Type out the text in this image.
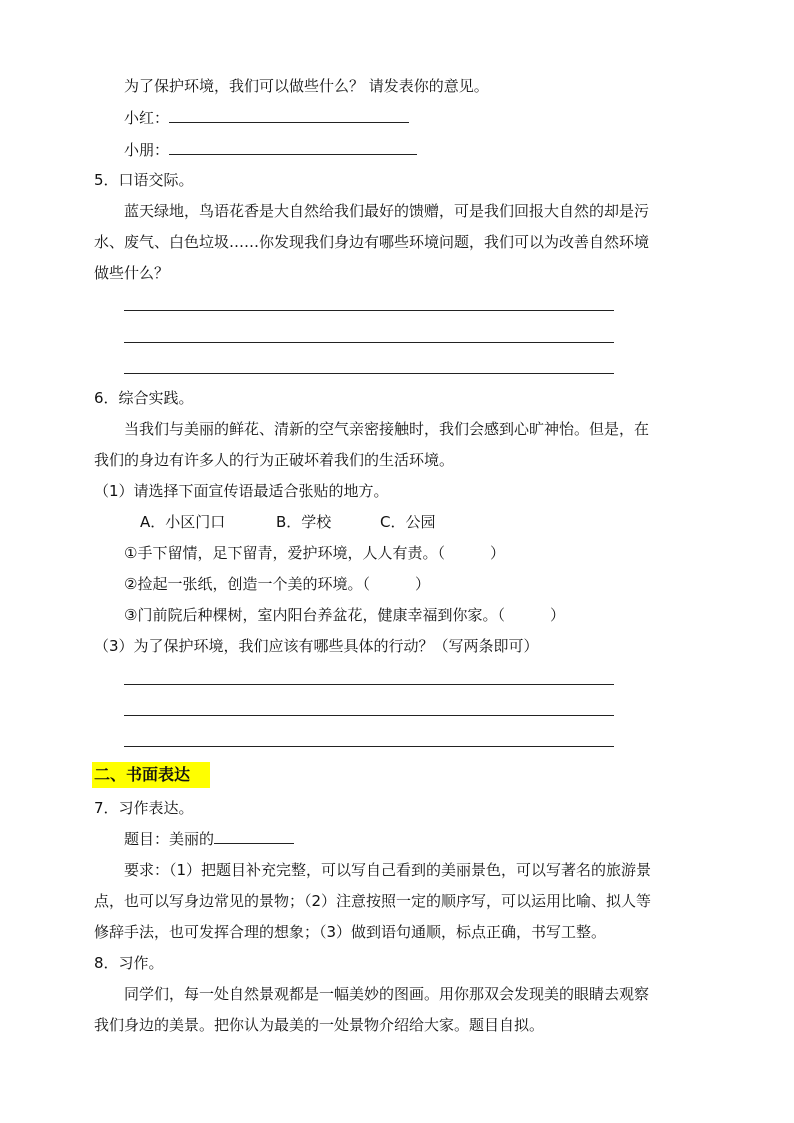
为了保护环境，我们可以做些什么？ 请发表你的意见。
小红：
小朋：
5．口语交际。
蓝天绿地，鸟语花香是大自然给我们最好的馈赠，可是我们回报大自然的却是污
水、废气、白色垃圾……你发现我们身边有哪些环境问题，我们可以为改善自然环境
做些什么？
6．综合实践。
当我们与美丽的鲜花、清新的空气亲密接触时，我们会感到心旷神怡。但是，在
我们的身边有许多人的行为正破坏着我们的生活环境。
（1）请选择下面宣传语最适合张贴的地方。
A．小区门口	B．学校	C．公园
①手下留情，足下留青，爱护环境，人人有责。（　　　）
②捡起一张纸，创造一个美的环境。（　　　）
③门前院后种棵树，室内阳台养盆花，健康幸福到你家。（　　　）
（3）为了保护环境，我们应该有哪些具体的行动？（写两条即可）
二、书面表达
7．习作表达。
题目：美丽的
要求：（1）把题目补充完整，可以写自己看到的美丽景色，可以写著名的旅游景
点，也可以写身边常见的景物；（2）注意按照一定的顺序写，可以运用比喻、拟人等
修辞手法，也可发挥合理的想象；（3）做到语句通顺，标点正确，书写工整。
8．习作。
同学们，每一处自然景观都是一幅美妙的图画。用你那双会发现美的眼睛去观察
我们身边的美景。把你认为最美的一处景物介绍给大家。题目自拟。
